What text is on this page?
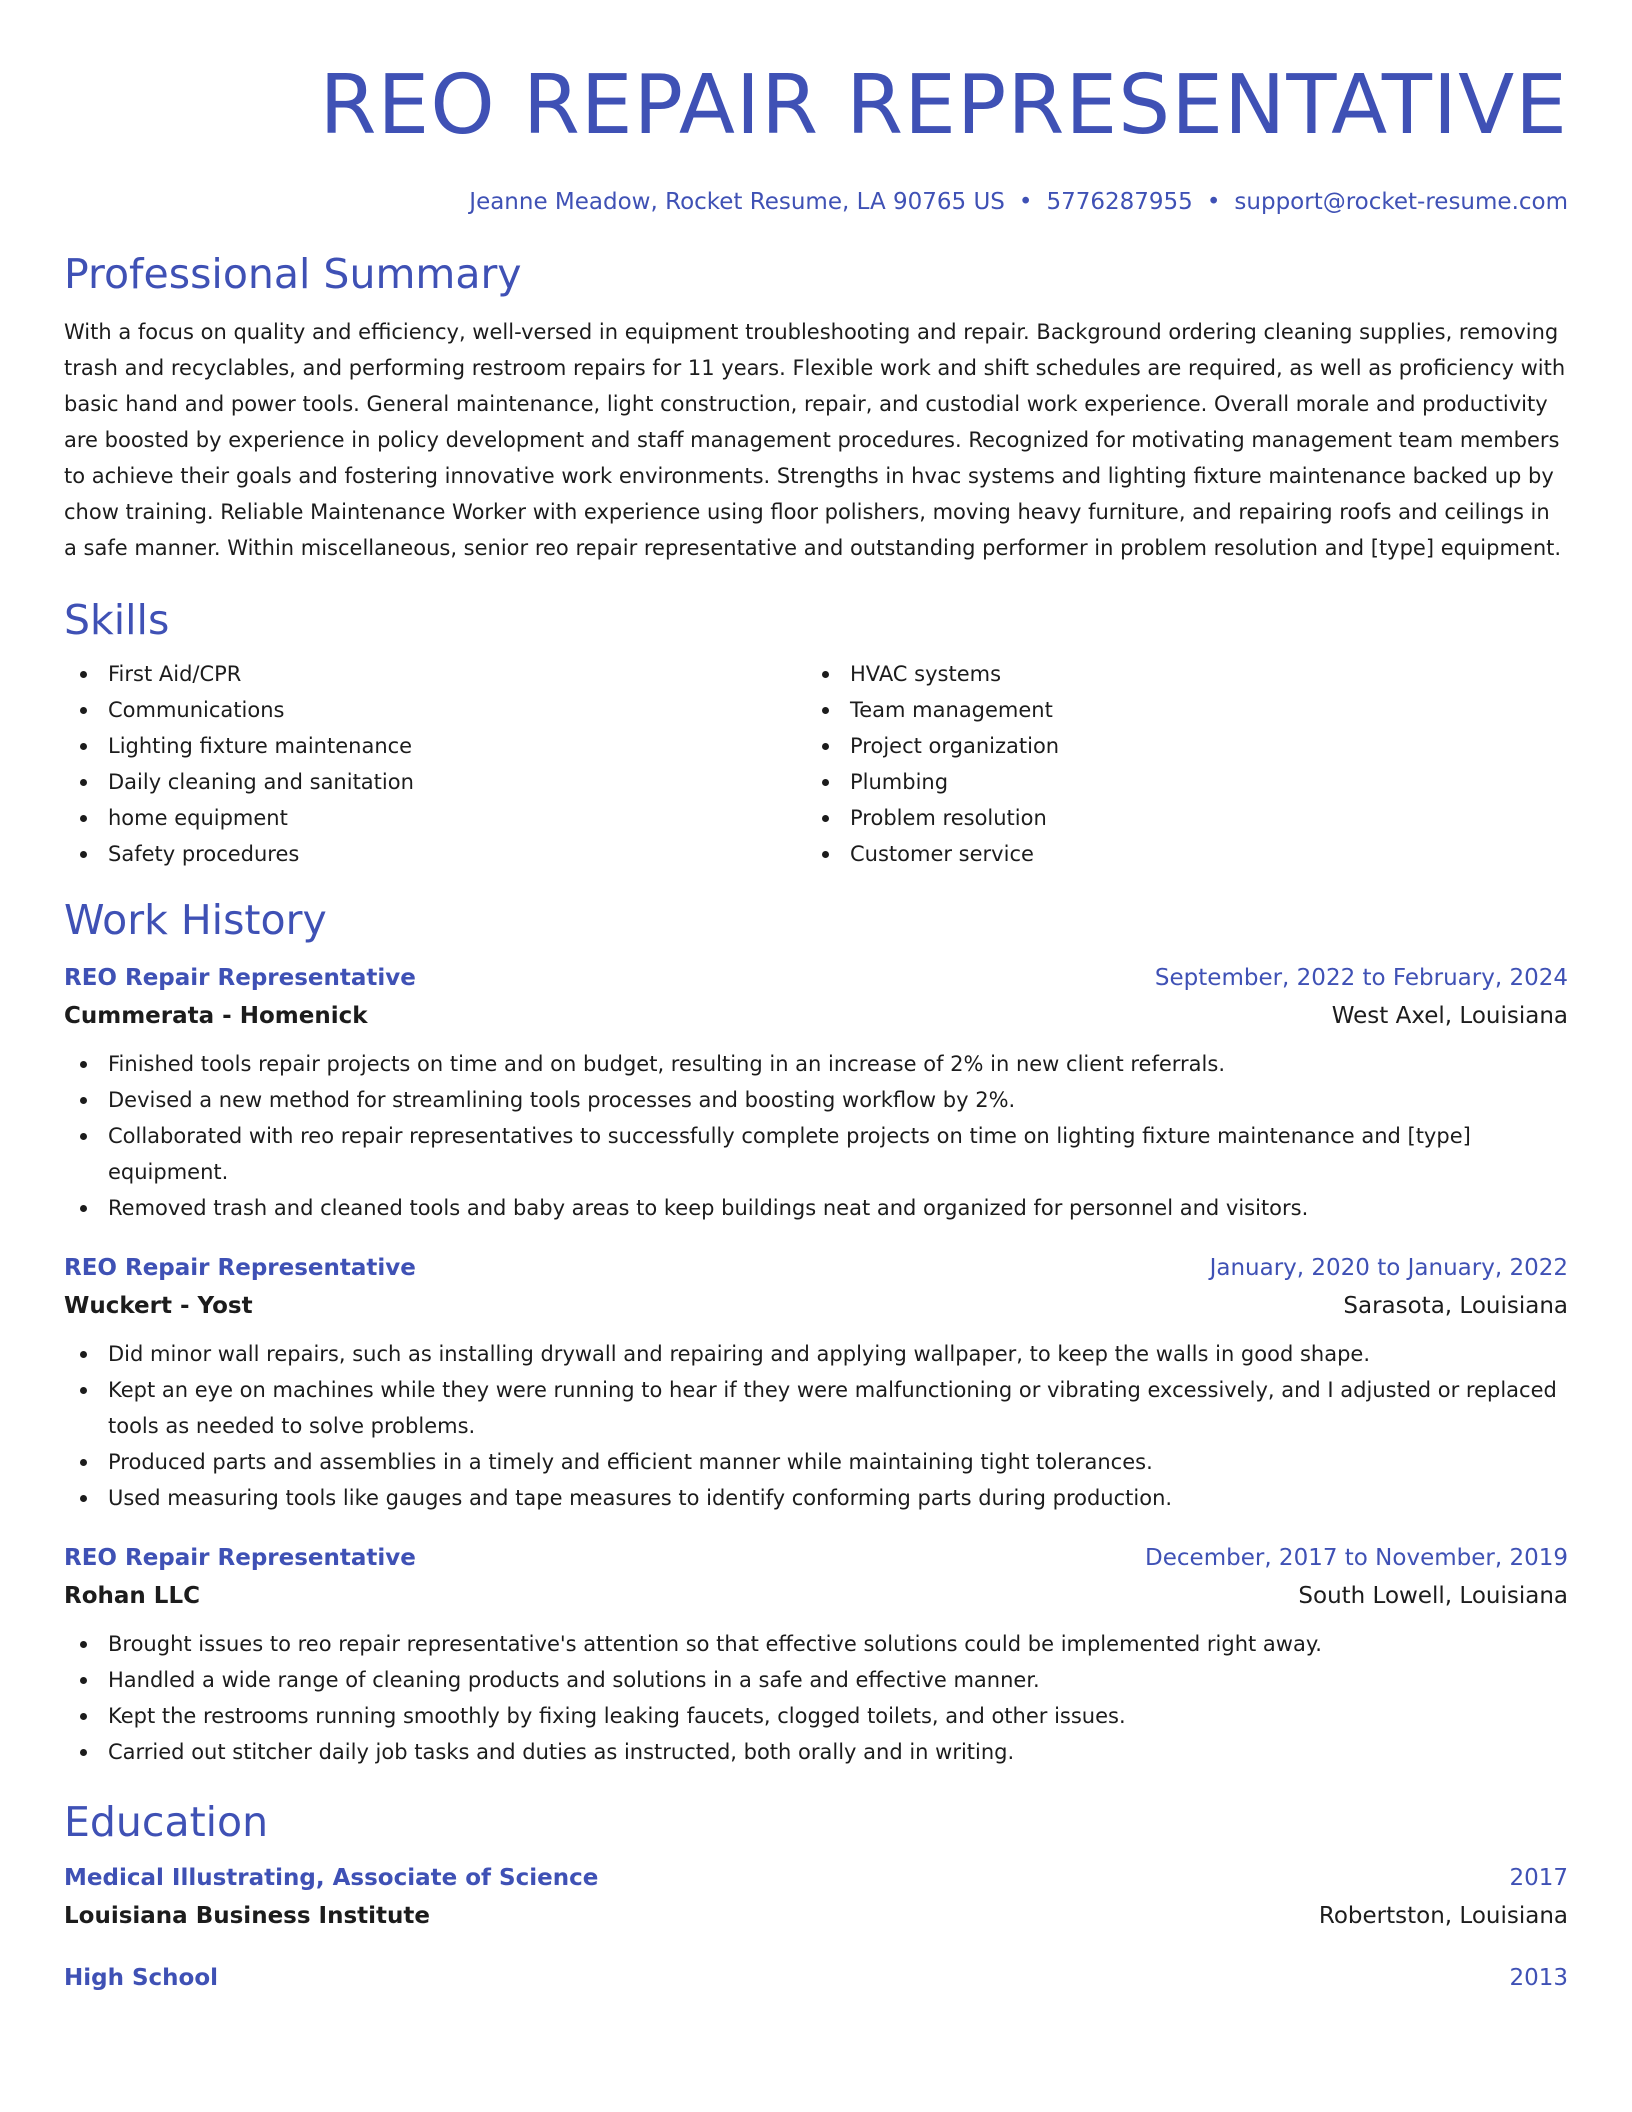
REO REPAIR REPRESENTATIVE
Jeanne Meadow, Rocket Resume, LA 90765 US • 5776287955 • support@rocket-resume.com
Professional Summary

With a focus on quality and efficiency, well-versed in equipment troubleshooting and repair. Background ordering cleaning supplies, removing trash and recyclables, and performing restroom repairs for 11 years. Flexible work and shift schedules are required, as well as proficiency with basic hand and power tools. General maintenance, light construction, repair, and custodial work experience. Overall morale and productivity are boosted by experience in policy development and staff management procedures. Recognized for motivating management team members to achieve their goals and fostering innovative work environments. Strengths in hvac systems and lighting fixture maintenance backed up by chow training. Reliable Maintenance Worker with experience using floor polishers, moving heavy furniture, and repairing roofs and ceilings in a safe manner. Within miscellaneous, senior reo repair representative and outstanding performer in problem resolution and [type] equipment.

Skills
First Aid/CPR
Communications
Lighting fixture maintenance
Daily cleaning and sanitation
home equipment
Safety procedures
HVAC systems
Team management
Project organization
Plumbing
Problem resolution
Customer service
Work History
REO Repair Representative	September, 2022 to February, 2024
Cummerata - Homenick	West Axel, Louisiana
Finished tools repair projects on time and on budget, resulting in an increase of 2% in new client referrals.
Devised a new method for streamlining tools processes and boosting workflow by 2%.
Collaborated with reo repair representatives to successfully complete projects on time on lighting fixture maintenance and [type] equipment.
Removed trash and cleaned tools and baby areas to keep buildings neat and organized for personnel and visitors.
REO Repair Representative	January, 2020 to January, 2022
Wuckert - Yost	Sarasota, Louisiana
Did minor wall repairs, such as installing drywall and repairing and applying wallpaper, to keep the walls in good shape.
Kept an eye on machines while they were running to hear if they were malfunctioning or vibrating excessively, and I adjusted or replaced tools as needed to solve problems.
Produced parts and assemblies in a timely and efficient manner while maintaining tight tolerances.
Used measuring tools like gauges and tape measures to identify conforming parts during production.
REO Repair Representative	December, 2017 to November, 2019
Rohan LLC	South Lowell, Louisiana
Brought issues to reo repair representative's attention so that effective solutions could be implemented right away.
Handled a wide range of cleaning products and solutions in a safe and effective manner.
Kept the restrooms running smoothly by fixing leaking faucets, clogged toilets, and other issues.
Carried out stitcher daily job tasks and duties as instructed, both orally and in writing.
Education
Medical Illustrating, Associate of Science	2017
Louisiana Business Institute	Robertston, Louisiana
High School	2013
